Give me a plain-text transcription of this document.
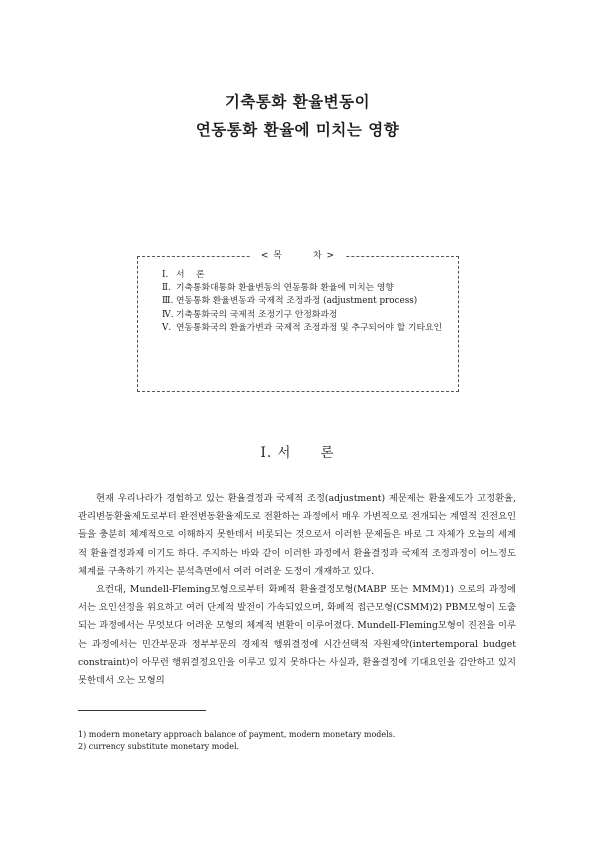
기축통화 환율변동이
연동통화 환율에 미치는 영향
< 목　　　차 >
Ⅰ. 서　 론
Ⅱ. 기축통화대통화 환율변동의 연동통화 환율에 미치는 영향
Ⅲ. 연동통화 환율변동과 국제적 조정과정 (adjustment process)
Ⅳ. 기축통화국의 국제적 조정기구 안정화과정
Ⅴ. 연동통화국의 환율가변과 국제적 조정과정 및 추구되어야 할 기타요인
Ⅰ. 서　　론

현재 우리나라가 경험하고 있는 환율결정과 국제적 조정(adjustment) 제문제는 환율제도가 고정환율, 관리변동환율제도로부터 완전변동환율제도로 전환하는 과정에서 매우 가변적으로 전개되는 계열적 진전요인들을 충분히 체계적으로 이해하지 못한데서 비롯되는 것으로서 이러한 문제들은 바로 그 자체가 오늘의 세계적 환율결정과제 이기도 하다. 주지하는 바와 같이 이러한 과정에서 환율결정과 국제적 조정과정이 어느정도 체계를 구축하기 까지는 분석측면에서 여러 어려운 도정이 개재하고 있다.

요컨대, Mundell-Fleming모형으로부터 화폐적 환율결정모형(MABP 또는 MMM)1) 으로의 과정에서는 요인선정을 위요하고 여러 단계적 발전이 가속되었으며, 화폐적 접근모형(CSMM)2) PBM모형이 도출되는 과정에서는 무엇보다 어려운 모형의 체계적 변환이 이루어졌다. Mundell-Fleming모형이 진전을 이루는 과정에서는 민간부문과 정부부문의 경제적 행위결정에 시간선택적 자원제약(intertemporal budget constraint)이 아무런 행위결정요인을 이루고 있지 못하다는 사실과, 환율결정에 기대요인을 감안하고 있지 못한데서 오는 모형의

1) modern monetary approach balance of payment, modern monetary models.
2) currency substitute monetary model.
